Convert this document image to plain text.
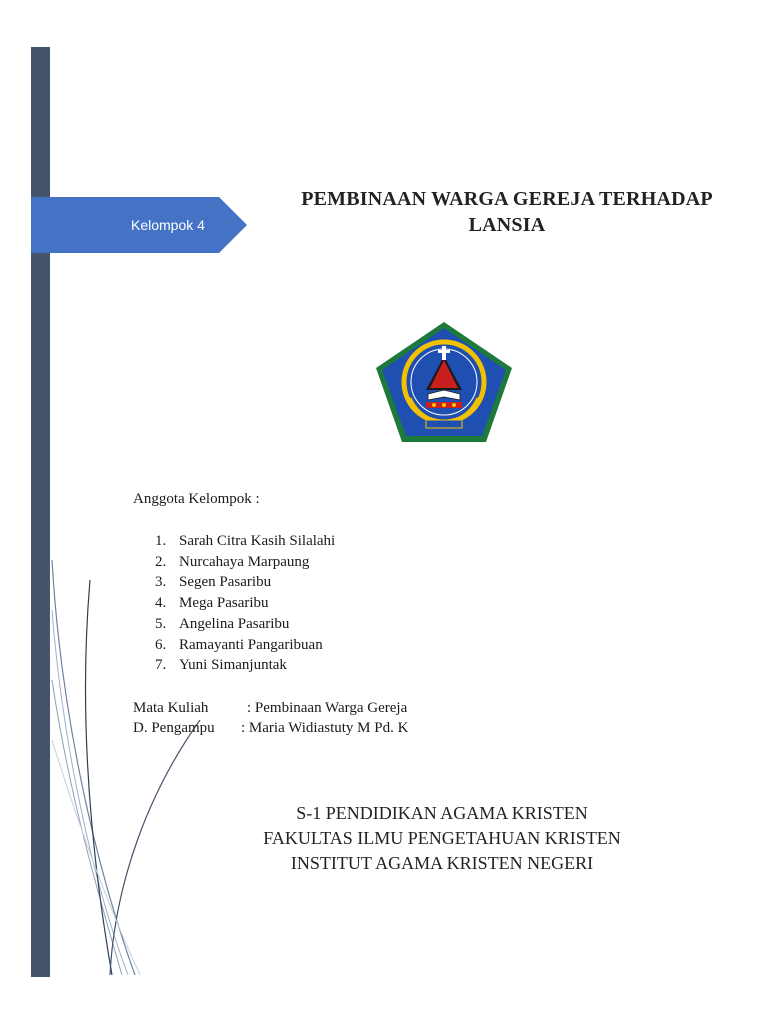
Kelompok 4
PEMBINAAN WARGA GEREJA TERHADAP
LANSIA
Anggota Kelompok :
1. Sarah Citra Kasih Silalahi
2. Nurcahaya Marpaung
3. Segen Pasaribu
4. Mega Pasaribu
5. Angelina Pasaribu
6. Ramayanti Pangaribuan
7. Yuni Simanjuntak
Mata Kuliah	: Pembinaan Warga Gereja
D. Pengampu : Maria Widiastuty M Pd. K
S-1 PENDIDIKAN AGAMA KRISTEN
FAKULTAS ILMU PENGETAHUAN KRISTEN
INSTITUT AGAMA KRISTEN NEGERI
